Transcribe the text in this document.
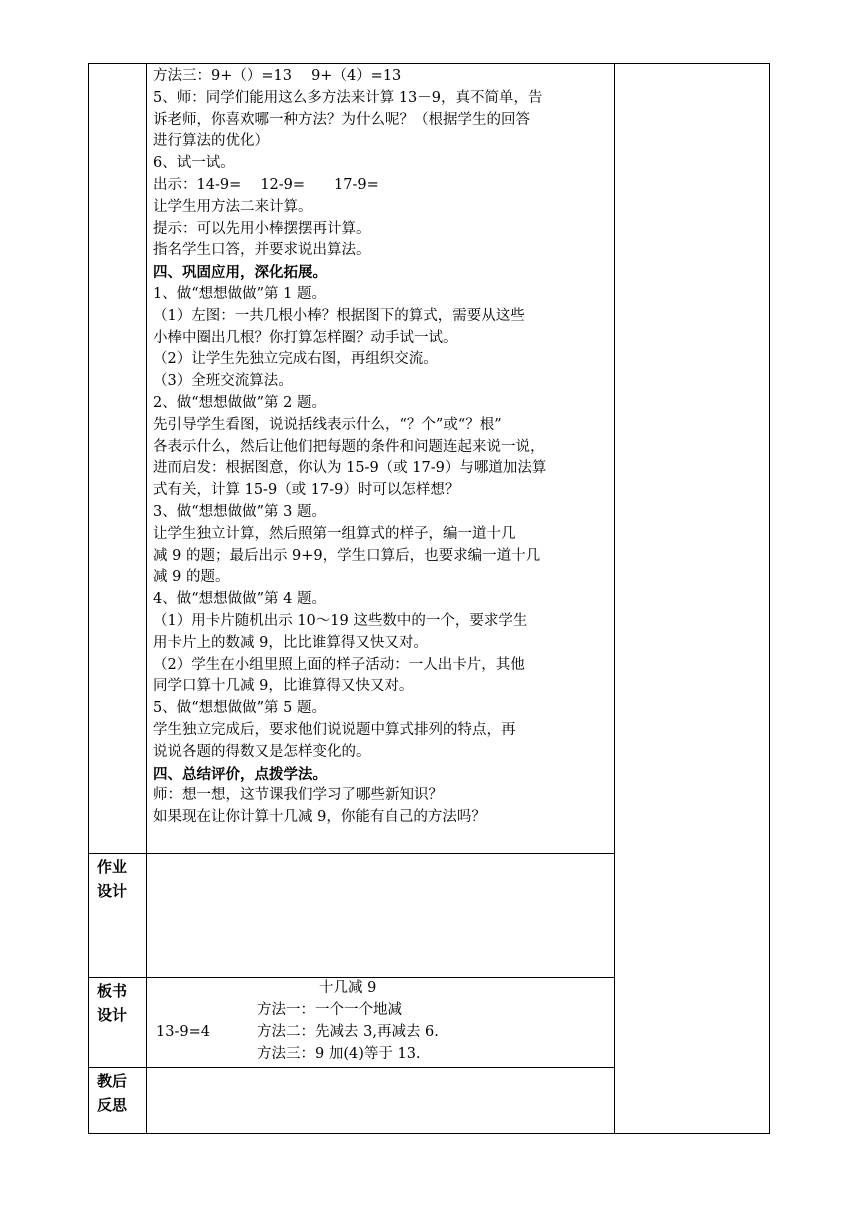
方法三：9+（）=13　 9+（4）=13
5、师：同学们能用这么多方法来计算 13－9，真不简单，告
诉老师，你喜欢哪一种方法？为什么呢？（根据学生的回答
进行算法的优化）
6、试一试。
出示：14-9=　 12-9=　　17-9=
让学生用方法二来计算。
提示：可以先用小棒摆摆再计算。
指名学生口答，并要求说出算法。
四、巩固应用，深化拓展。
1、做“想想做做”第 1 题。
（1）左图：一共几根小棒？根据图下的算式，需要从这些
小棒中圈出几根？你打算怎样圈？动手试一试。
（2）让学生先独立完成右图，再组织交流。
（3）全班交流算法。
2、做“想想做做”第 2 题。
先引导学生看图，说说括线表示什么，“？个”或“？根”
各表示什么，然后让他们把每题的条件和问题连起来说一说，
进而启发：根据图意，你认为 15-9（或 17-9）与哪道加法算
式有关，计算 15-9（或 17-9）时可以怎样想？
3、做“想想做做”第 3 题。
让学生独立计算，然后照第一组算式的样子，编一道十几
减 9 的题；最后出示 9+9，学生口算后，也要求编一道十几
减 9 的题。
4、做“想想做做”第 4 题。
（1）用卡片随机出示 10～19 这些数中的一个，要求学生
用卡片上的数减 9，比比谁算得又快又对。
（2）学生在小组里照上面的样子活动：一人出卡片，其他
同学口算十几减 9，比谁算得又快又对。
5、做“想想做做”第 5 题。
学生独立完成后，要求他们说说题中算式排列的特点，再
说说各题的得数又是怎样变化的。
四、总结评价，点拨学法。
师：想一想，这节课我们学习了哪些新知识？
如果现在让你计算十几减 9，你能有自己的方法吗？
作业
设计
板书
设计
十几减 9
方法一：一个一个地减
13-9=4	方法二：先减去 3,再减去 6.
方法三：9 加(4)等于 13.
教后
反思
